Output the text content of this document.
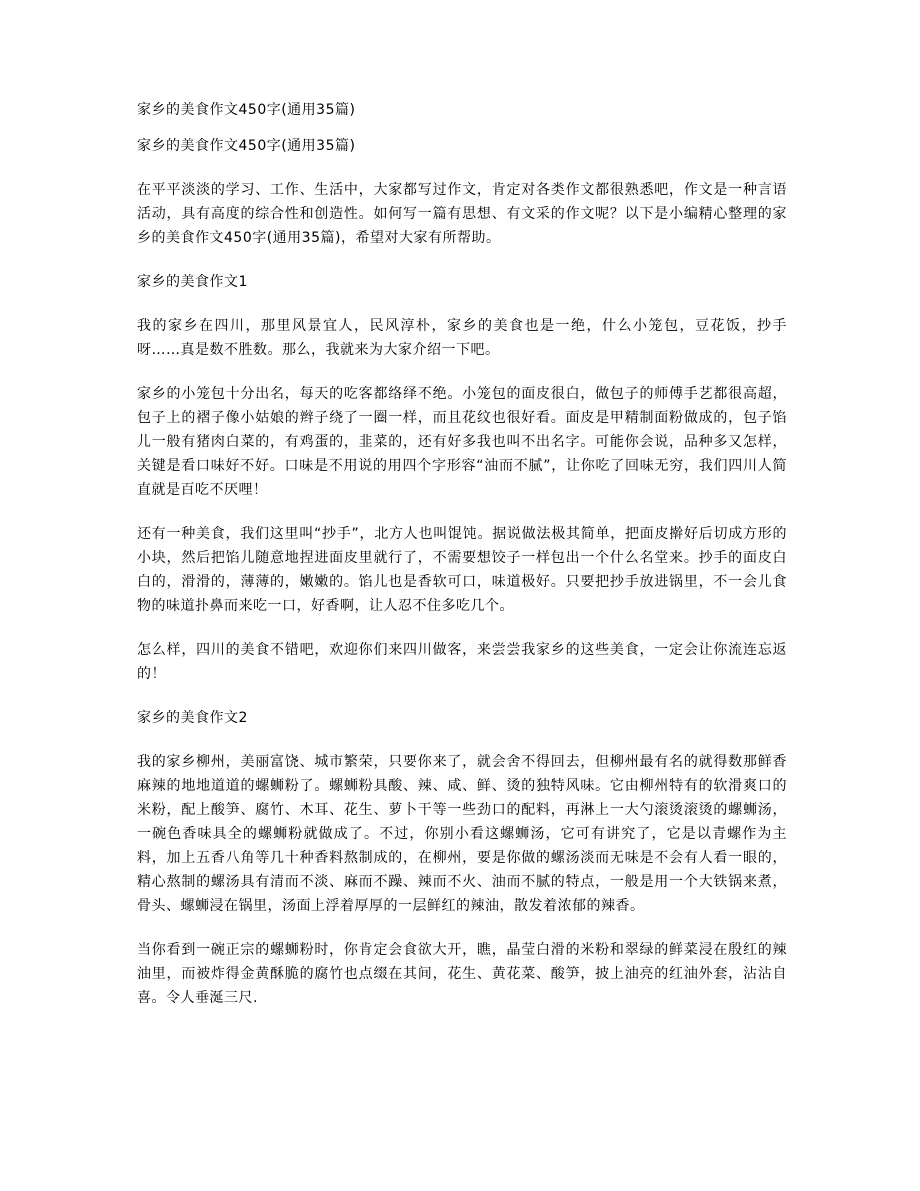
家乡的美食作文450字(通用35篇)

家乡的美食作文450字(通用35篇)

在平平淡淡的学习、工作、生活中，大家都写过作文，肯定对各类作文都很熟悉吧，作文是一种言语活动，具有高度的综合性和创造性。如何写一篇有思想、有文采的作文呢？以下是小编精心整理的家乡的美食作文450字(通用35篇)，希望对大家有所帮助。

家乡的美食作文1

我的家乡在四川，那里风景宜人，民风淳朴，家乡的美食也是一绝，什么小笼包，豆花饭，抄手呀……真是数不胜数。那么，我就来为大家介绍一下吧。

家乡的小笼包十分出名，每天的吃客都络绎不绝。小笼包的面皮很白，做包子的师傅手艺都很高超，包子上的褶子像小姑娘的辫子绕了一圈一样，而且花纹也很好看。面皮是甲精制面粉做成的，包子馅儿一般有猪肉白菜的，有鸡蛋的，韭菜的，还有好多我也叫不出名字。可能你会说，品种多又怎样，关键是看口味好不好。口味是不用说的用四个字形容“油而不腻”，让你吃了回味无穷，我们四川人简直就是百吃不厌哩！

还有一种美食，我们这里叫“抄手”，北方人也叫馄饨。据说做法极其简单，把面皮擀好后切成方形的小块，然后把馅儿随意地捏进面皮里就行了，不需要想饺子一样包出一个什么名堂来。抄手的面皮白白的，滑滑的，薄薄的，嫩嫩的。馅儿也是香软可口，味道极好。只要把抄手放进锅里，不一会儿食物的味道扑鼻而来吃一口，好香啊，让人忍不住多吃几个。

怎么样，四川的美食不错吧，欢迎你们来四川做客，来尝尝我家乡的这些美食，一定会让你流连忘返的！

家乡的美食作文2

我的家乡柳州，美丽富饶、城市繁荣，只要你来了，就会舍不得回去，但柳州最有名的就得数那鲜香麻辣的地地道道的螺蛳粉了。螺蛳粉具酸、辣、咸、鲜、烫的独特风味。它由柳州特有的软滑爽口的米粉，配上酸笋、腐竹、木耳、花生、萝卜干等一些劲口的配料，再淋上一大勺滚烫滚烫的螺蛳汤，一碗色香味具全的螺蛳粉就做成了。不过，你别小看这螺蛳汤，它可有讲究了，它是以青螺作为主料，加上五香八角等几十种香料熬制成的，在柳州，要是你做的螺汤淡而无味是不会有人看一眼的，精心熬制的螺汤具有清而不淡、麻而不躁、辣而不火、油而不腻的特点，一般是用一个大铁锅来煮，骨头、螺蛳浸在锅里，汤面上浮着厚厚的一层鲜红的辣油，散发着浓郁的辣香。

当你看到一碗正宗的螺蛳粉时，你肯定会食欲大开，瞧，晶莹白滑的米粉和翠绿的鲜菜浸在殷红的辣油里，而被炸得金黄酥脆的腐竹也点缀在其间，花生、黄花菜、酸笋，披上油亮的红油外套，沾沾自喜。令人垂涎三尺.
